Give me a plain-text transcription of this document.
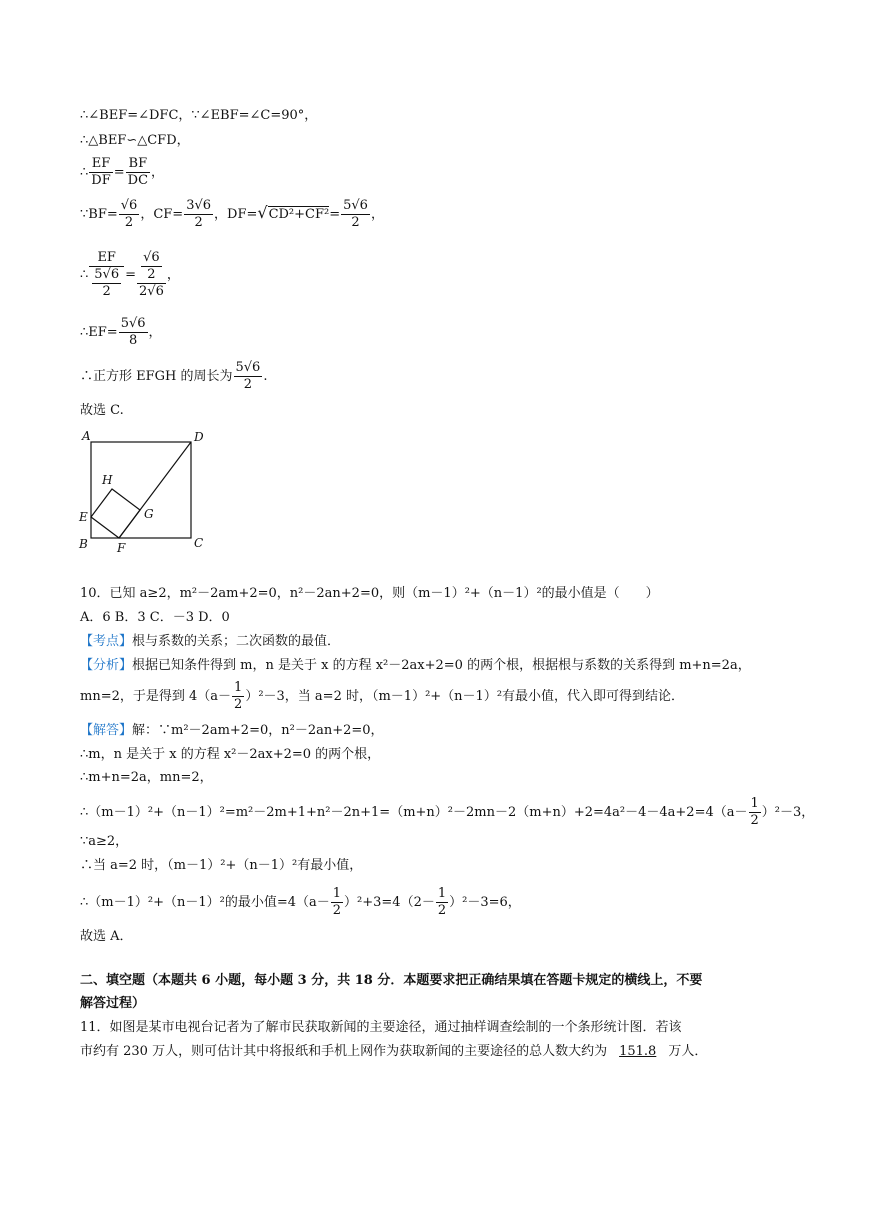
∴∠BEF=∠DFC，∵∠EBF=∠C=90°，
∴△BEF∽△CFD，
∴ $\frac{EF}{DF} = \frac{BF}{DC}$ ，
∵BF= $\frac{√6}{2}$ ，$CF= \frac{3√6}{2}$ ，$DF=√CD^2+CF^2= \frac{5√6}{2}$ ，
∴ $\frac{EF}{\frac{5√6}{2}} = \frac{\frac{√6}{2}}{2√6}$ ，
∴EF= $\frac{5√6}{8}$ ，
∴正方形 EFGH 的周长为 $\frac{5√6}{2}$ .
故选 C.
A	D
H
E	G
B F	C
10．已知 a≥2，m²－2am+2=0，n²－2an+2=0，则（m－1）²+（n－1）²的最小值是（　　）
A．6 B．3 C．－3 D．0
【考点】根与系数的关系；二次函数的最值．
【分析】根据已知条件得到 m，n 是关于 x 的方程 x²－2ax+2=0 的两个根，根据根与系数的关系得到 m+n=2a，
mn=2，于是得到 $4(a- \frac{1}{2} )^2-3$，当 a=2 时，（m－1）²+（n－1）²有最小值，代入即可得到结论．
【解答】解：∵m²－2am+2=0，n²－2an+2=0，
∴m，n 是关于 x 的方程 x²－2ax+2=0 的两个根，
∴m+n=2a，mn=2，
∴（m－1）²+（n－1）²=m²－2m+1+n²－2n+1=（m+n）²－2mn－2（m+n）+2=4a²－4－4a+2=4（a－ $\frac{1}{2} )^2-3$，
∵a≥2，
∴当 a=2 时，（m－1）²+（n－1）²有最小值，
∴（m－1）²+（n－1）²的最小值$=4(a- \frac{1}{2} )^2+3=4(2- \frac{1}{2} )^2-3=6$，
故选 A．
二、填空题（本题共 6 小题，每小题 3 分，共 18 分．本题要求把正确结果填在答题卡规定的横线上，不要
解答过程）
11．如图是某市电视台记者为了解市民获取新闻的主要途径，通过抽样调查绘制的一个条形统计图．若该
市约有 230 万人，则可估计其中将报纸和手机上网作为获取新闻的主要途径的总人数大约为 151.8 万人．
